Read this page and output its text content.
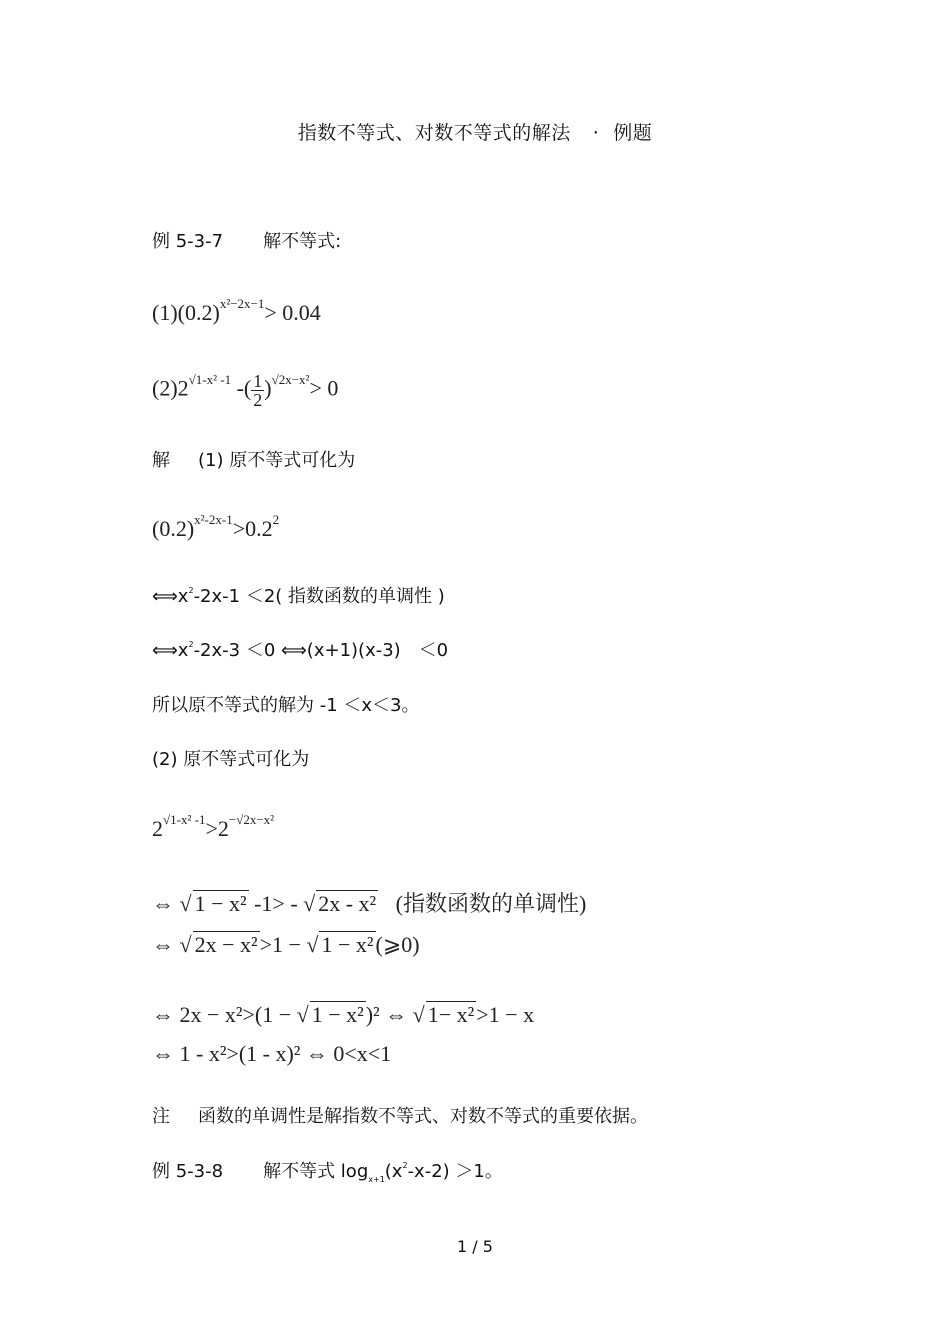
指数不等式、对数不等式的解法 · 例题
例 5-3-7 解不等式:
$(1)(0.2)^{x^2-2x-1}> 0.04$
$(2)2^{√1-x^2 -1}$ -( $\frac{1}{2} )^{√2x-x^2}> 0$
解 (1) 原不等式可化为
$(0.2)^{x^2-2x-1}>0.2^2$
$⟺x^2-2x-1 <2$( 指数函数的单调性 )
$⟺x^2-2x-3 <0$ ⟺(x+1)(x-3)　＜0
所以原不等式的解为 -1 ＜x＜3。
(2) 原不等式可化为
$2^{√1-x^2 -1}>2^{-√2x-x^2}$
⇔ √ 1 − x² -1> - √ 2x - x² (指数函数的单调性)
⇔ √ 2x − x²>1 − √ 1 − x²(⩾0)
⇔ 2x − x²>(1 − √ 1 − x²)² ⇔ √ 1− x²>1 − x
⇔ 1 - x²>(1 - x)² ⇔ 0<x<1
注 函数的单调性是解指数不等式、对数不等式的重要依据。
例 5-3-8 解不等式 $\log_{x+1}(x^2-x-2) >1$。
1 / 5
